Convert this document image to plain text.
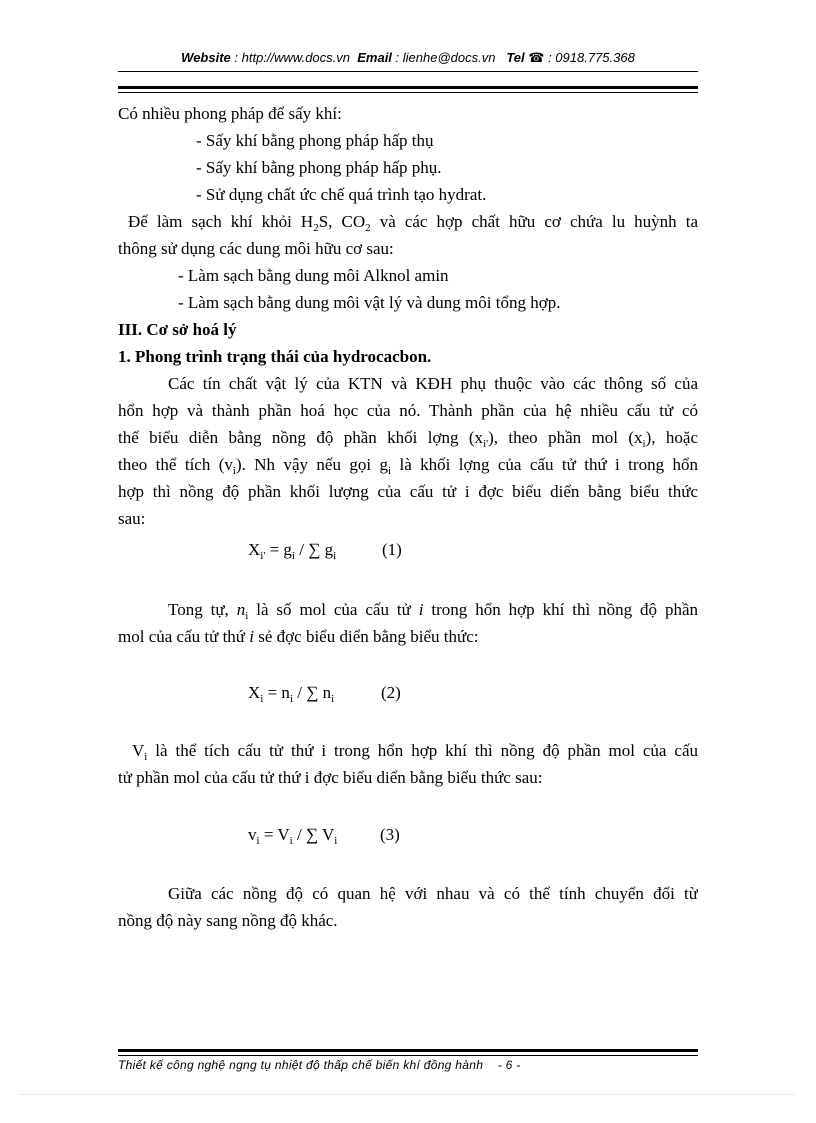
Website : http://www.docs.vn Email : lienhe@docs.vn Tel ☎ : 0918.775.368
Có nhiều phong pháp để sấy khí:
- Sấy khí bằng phong pháp hấp thụ
- Sấy khí bằng phong pháp hấp phụ.
- Sử dụng chất ức chế quá trình tạo hydrat.
Để làm sạch khí khỏi $H_2S$, $CO_2$ và các hợp chất hữu cơ chứa lu huỳnh ta
thông sử dụng các dung môi hữu cơ sau:
- Làm sạch bằng dung môi Alknol amin
- Làm sạch bằng dung môi vật lý và dung môi tổng hợp.
III. Cơ sở hoá lý
1. Phong trình trạng thái của hydrocacbon.
Các tín chất vật lý của KTN và KĐH phụ thuộc vào các thông số của
hổn hợp và thành phần hoá học của nó. Thành phần của hệ nhiều cấu tử có
thể biểu diễn bằng nồng độ phần khối lợng $(x_{i'})$, theo phần mol $(x_i)$, hoặc
theo thể tích $(v_i)$. Nh vậy nếu gọi $g_i$ là khối lợng của cấu tử thứ i trong hổn
hợp thì nồng độ phần khối lượng của cấu tử i đợc biểu diển bằng biểu thức
sau:
$X_{i'} = g_i$ / ∑ $g_i$	(1)
Tong tự, $n_i$ là số mol của cấu tử i trong hổn hợp khí thì nồng độ phần
mol của cấu tử thứ i sẻ đợc biểu diển bằng biểu thức:
$X_i = n_i$ / ∑ $n_i$	(2)
$V_i$ là thể tích cấu tử thứ i trong hổn hợp khí thì nồng độ phần mol của cấu
tử phần mol của cấu tử thứ i đợc biểu diển bằng biểu thức sau:
$v_i = V_i$ / ∑ $V_i$	(3)
Giữa các nồng độ có quan hệ với nhau và có thể tính chuyển đổi từ
nồng độ này sang nồng độ khác.
Thiết kế công nghệ ngng tụ nhiệt độ thấp chế biến khí đồng hành - 6 -
